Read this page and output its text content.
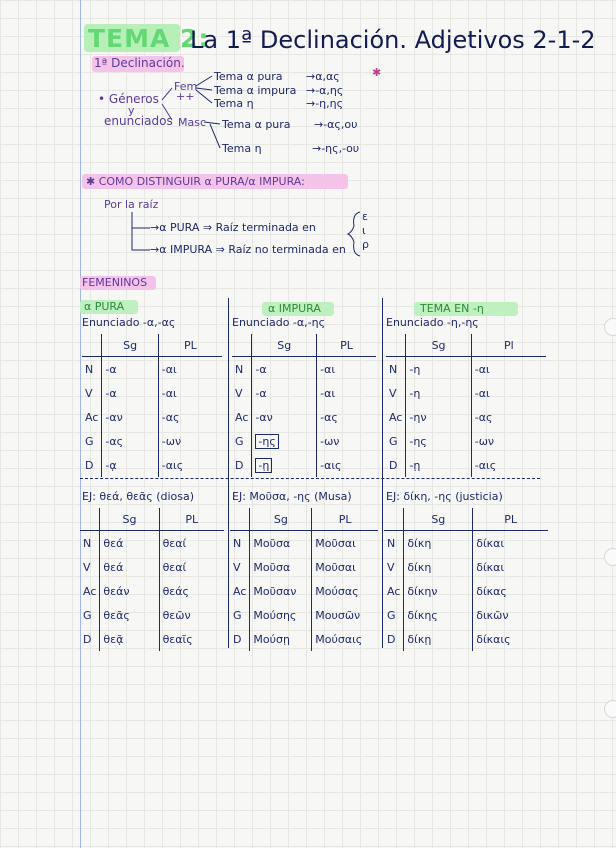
TEMA 2:
La 1ª Declinación. Adjetivos 2-1-2
1ª Declinación.
• Géneros
y
enunciados
Fem
++
Masc
✱
Tema α pura →α,ας
Tema α impura →-α,ης
Tema η	→-η,ης
Tema α pura →-ας,ου
Tema η	→-ης,-ου
✱ COMO DISTINGUIR α PURA/α IMPURA:
Por la raíz
→α PURA ⇒ Raíz terminada en
→α IMPURA ⇒ Raíz no terminada en
ε
ι
ρ
FEMENINOS
α PURA
Enunciado -α,-ας
α IMPURA
Enunciado -α,-ης
TEMA EN -η
Enunciado -η,-ης
	Sg	PL
N	-α	-αι
V	-α	-αι
Ac	-αν	-ας
G	-ας	-ων
D	-ᾳ	-αις
	Sg	PL
N	-α	-αι
V	-α	-αι
Ac	-αν	-ας
G	-ης	-ων
D	-ῃ	-αις
	Sg	Pl
N	-η	-αι
V	-η	-αι
Ac	-ην	-ας
G	-ης	-ων
D	-ῃ	-αις
EJ: θεά, θεᾶς (diosa)	EJ: Μοῦσα, -ης (Musa)	EJ: δίκη, -ης (justicia)
	Sg	PL
N	θεά	θεαί
V	θεά	θεαί
Ac	θεάν	θεάς
G	θεᾶς	θεῶν
D	θεᾷ	θεαῖς
	Sg	PL
N	Μοῦσα	Μοῦσαι
V	Μοῦσα	Μοῦσαι
Ac	Μοῦσαν	Μούσας
G	Μούσης	Μουσῶν
D	Μούσῃ	Μούσαις
	Sg	PL
N	δίκη	δίκαι
V	δίκη	δίκαι
Ac	δίκην	δίκας
G	δίκης	δικῶν
D	δίκῃ	δίκαις
